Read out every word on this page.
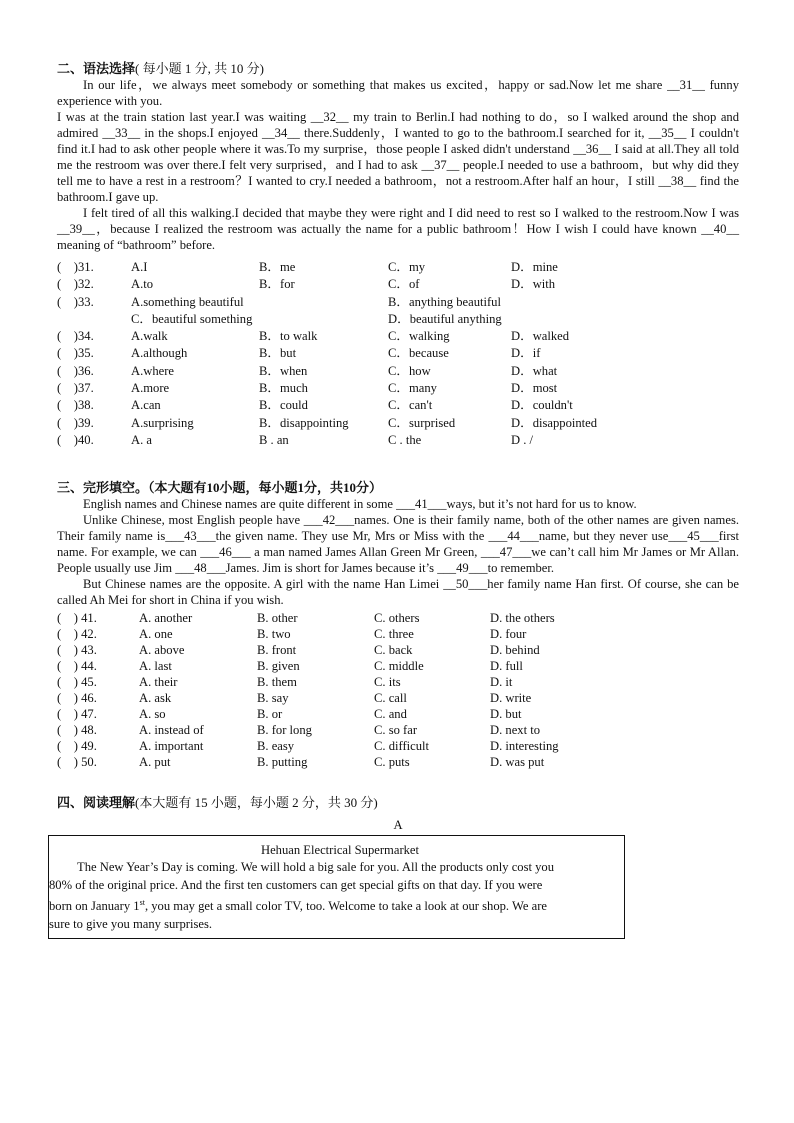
二、语法选择( 每小题 1 分, 共 10 分)

In our life，we always meet somebody or something that makes us excited，happy or sad.Now let me share __31__ funny experience with you.

I was at the train station last year.I was waiting __32__ my train to Berlin.I had nothing to do，so I walked around the shop and admired __33__ in the shops.I enjoyed __34__ there.Suddenly，I wanted to go to the bathroom.I searched for it, __35__ I couldn't find it.I had to ask other people where it was.To my surprise，those people I asked didn't understand __36__ I said at all.They all told me the restroom was over there.I felt very surprised，and I had to ask __37__ people.I needed to use a bathroom，but why did they tell me to have a rest in a restroom？I wanted to cry.I needed a bathroom，not a restroom.After half an hour，I still __38__ find the bathroom.I gave up.

I felt tired of all this walking.I decided that maybe they were right and I did need to rest so I walked to the restroom.Now I was __39__，because I realized the restroom was actually the name for a public bathroom！How I wish I could have known __40__ meaning of “bathroom” before.

(　)31.	A.I	B．me	C．my	D．mine
(　)32.	A.to	B．for	C．of	D．with
(　)33.	A.something beautiful		B．anything beautiful	
	C．beautiful something		D．beautiful anything	
(　)34.	A.walk	B．to walk	C．walking	D．walked
(　)35.	A.although	B．but	C．because	D．if
(　)36.	A.where	B．when	C．how	D．what
(　)37.	A.more	B．much	C．many	D．most
(　)38.	A.can	B．could	C．can't	D．couldn't
(　)39.	A.surprising	B．disappointing	C．surprised	D．disappointed
(　)40.	A. a	B . an	C . the	D . /

三、完形填空。（本大题有10小题，每小题1分，共10分）

English names and Chinese names are quite different in some ___41___ways, but it’s not hard for us to know.

Unlike Chinese, most English people have ___42___names. One is their family name, both of the other names are given names. Their family name is___43___the given name. They use Mr, Mrs or Miss with the ___44___name, but they never use___45___first name. For example, we can ___46___ a man named James Allan Green Mr Green, ___47___we can’t call him Mr James or Mr Allan. People usually use Jim ___48___James. Jim is short for James because it’s ___49___to remember.

But Chinese names are the opposite. A girl with the name Han Limei __50___her family name Han first. Of course, she can be called Ah Mei for short in China if you wish.

(　) 41.	A. another	B. other	C. others	D. the others
(　) 42.	A. one	B. two	C. three	D. four
(　) 43.	A. above	B. front	C. back	D. behind
(　) 44.	A. last	B. given	C. middle	D. full
(　) 45.	A. their	B. them	C. its	D. it
(　) 46.	A. ask	B. say	C. call	D. write
(　) 47.	A. so	B. or	C. and	D. but
(　) 48.	A. instead of	B. for long	C. so far	D. next to
(　) 49.	A. important	B. easy	C. difficult	D. interesting
(　) 50.	A. put	B. putting	C. puts	D. was put

四、阅读理解(本大题有 15 小题，每小题 2 分，共 30 分)

A

Hehuan Electrical Supermarket

The New Year’s Day is coming. We will hold a big sale for you. All the products only cost you

80% of the original price. And the first ten customers can get special gifts on that day. If you were

born on January 1st, you may get a small color TV, too. Welcome to take a look at our shop. We are

sure to give you many surprises.
